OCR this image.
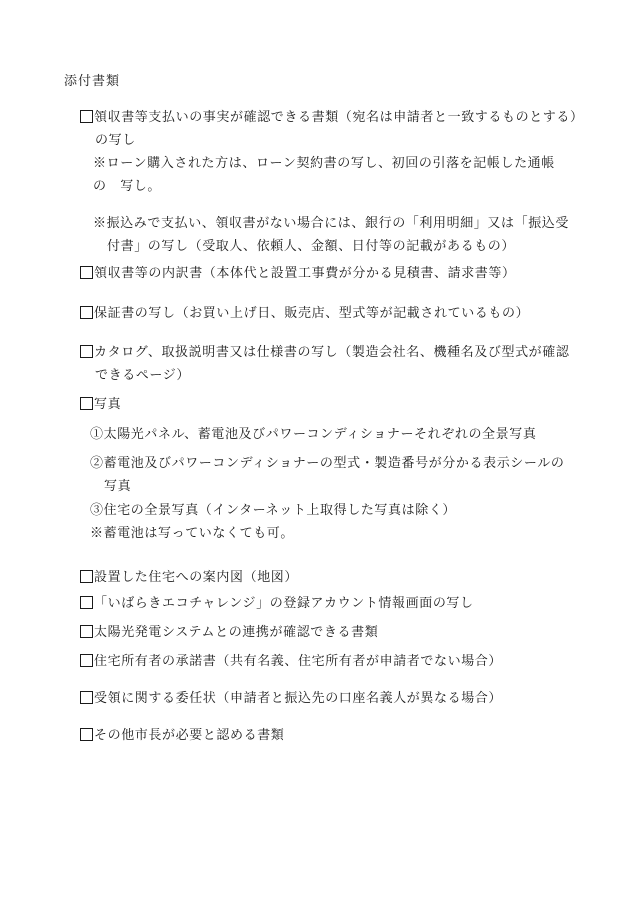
添付書類
領収書等支払いの事実が確認できる書類（宛名は申請者と一致するものとする）の写し
※ローン購入された方は、ローン契約書の写し、初回の引落を記帳した通帳の　写し。
※振込みで支払い、領収書がない場合には、銀行の「利用明細」又は「振込受付書」の写し（受取人、依頼人、金額、日付等の記載があるもの）
領収書等の内訳書（本体代と設置工事費が分かる見積書、請求書等）
保証書の写し（お買い上げ日、販売店、型式等が記載されているもの）
カタログ、取扱説明書又は仕様書の写し（製造会社名、機種名及び型式が確認できるページ）
写真
①太陽光パネル、蓄電池及びパワーコンディショナーそれぞれの全景写真
②蓄電池及びパワーコンディショナーの型式・製造番号が分かる表示シールの写真
③住宅の全景写真（インターネット上取得した写真は除く）
※蓄電池は写っていなくても可。
設置した住宅への案内図（地図）
「いばらきエコチャレンジ」の登録アカウント情報画面の写し
太陽光発電システムとの連携が確認できる書類
住宅所有者の承諾書（共有名義、住宅所有者が申請者でない場合）
受領に関する委任状（申請者と振込先の口座名義人が異なる場合）
その他市長が必要と認める書類
